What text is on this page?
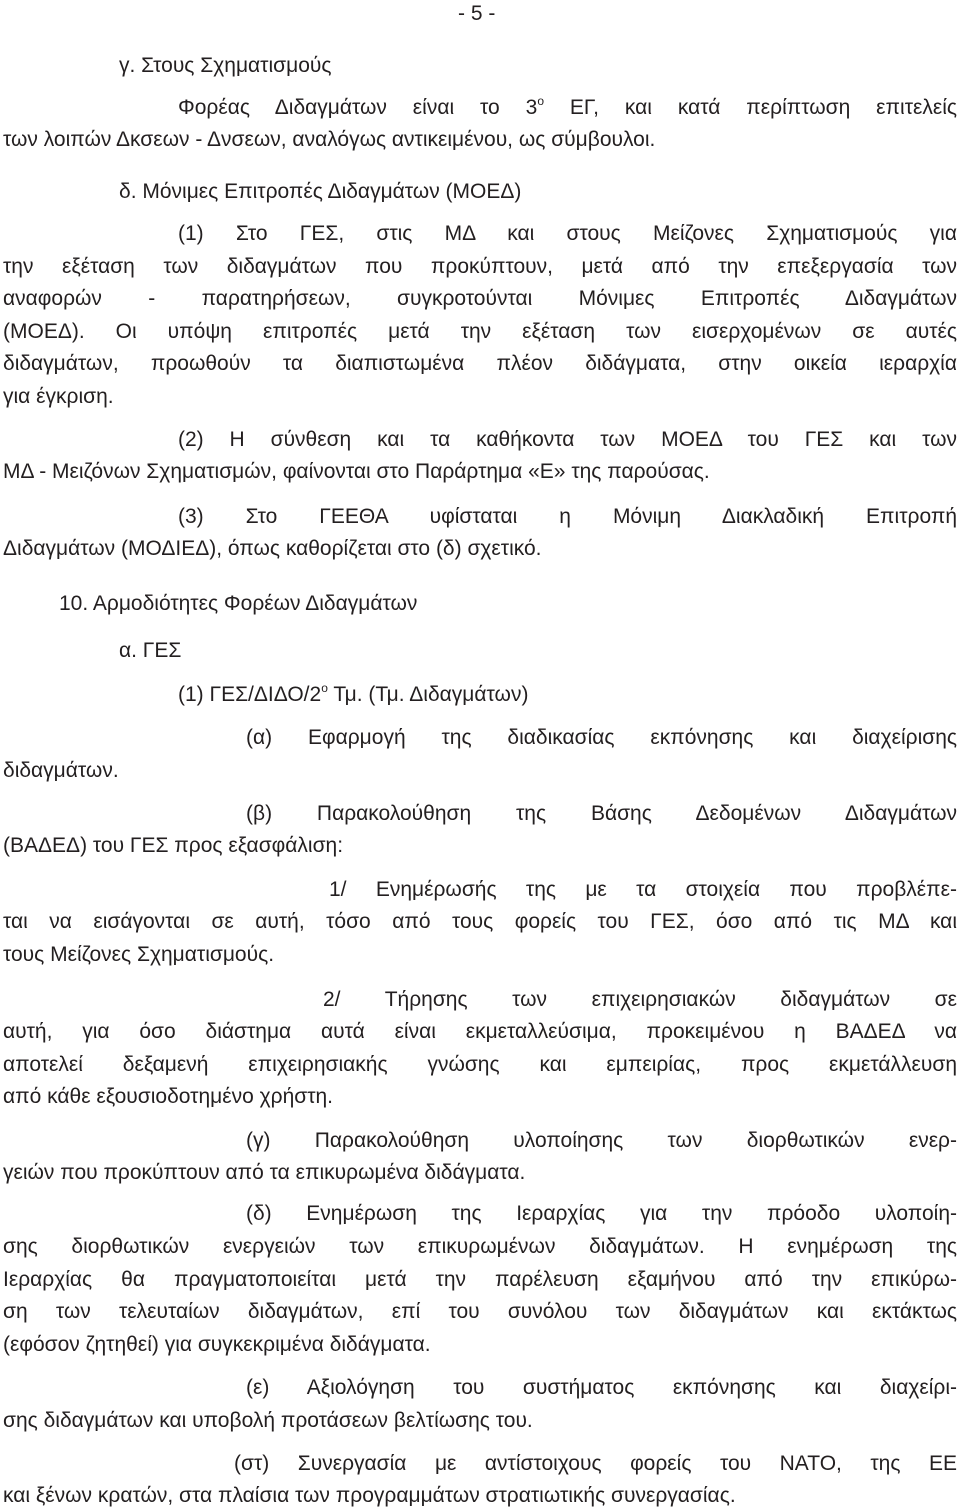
- 5 -
γ. Στους Σχηματισμούς
Φορέας Διδαγμάτων είναι το $3^o$ ΕΓ, και κατά περίπτωση επιτελείς
των λοιπών Δκσεων - Δνσεων, αναλόγως αντικειμένου, ως σύμβουλοι.
δ. Μόνιμες Επιτροπές Διδαγμάτων (ΜΟΕΔ)
(1) Στο ΓΕΣ, στις ΜΔ και στους Μείζονες Σχηματισμούς για
την εξέταση των διδαγμάτων που προκύπτουν, μετά από την επεξεργασία των
αναφορών - παρατηρήσεων, συγκροτούνται Μόνιμες Επιτροπές Διδαγμάτων
(ΜΟΕΔ). Οι υπόψη επιτροπές μετά την εξέταση των εισερχομένων σε αυτές
διδαγμάτων, προωθούν τα διαπιστωμένα πλέον διδάγματα, στην οικεία ιεραρχία
για έγκριση.
(2) Η σύνθεση και τα καθήκοντα των ΜΟΕΔ του ΓΕΣ και των
ΜΔ - Μειζόνων Σχηματισμών, φαίνονται στο Παράρτημα «Ε» της παρούσας.
(3) Στο ΓΕΕΘΑ υφίσταται η Μόνιμη Διακλαδική Επιτροπή
Διδαγμάτων (ΜΟΔΙΕΔ), όπως καθορίζεται στο (δ) σχετικό.
10. Αρμοδιότητες Φορέων Διδαγμάτων
α. ΓΕΣ
(1) ΓΕΣ/$\Delta I\Delta O/2^o$ Τμ. (Τμ. Διδαγμάτων)
(α) Εφαρμογή της διαδικασίας εκπόνησης και διαχείρισης
διδαγμάτων.
(β) Παρακολούθηση της Βάσης Δεδομένων Διδαγμάτων
(ΒΑΔΕΔ) του ΓΕΣ προς εξασφάλιση:
1/ Ενημέρωσής της με τα στοιχεία που προβλέπε-
ται να εισάγονται σε αυτή, τόσο από τους φορείς του ΓΕΣ, όσο από τις ΜΔ και
τους Μείζονες Σχηματισμούς.
2/ Τήρησης των επιχειρησιακών διδαγμάτων σε
αυτή, για όσο διάστημα αυτά είναι εκμεταλλεύσιμα, προκειμένου η ΒΑΔΕΔ να
αποτελεί δεξαμενή επιχειρησιακής γνώσης και εμπειρίας, προς εκμετάλλευση
από κάθε εξουσιοδοτημένο χρήστη.
(γ) Παρακολούθηση υλοποίησης των διορθωτικών ενερ-
γειών που προκύπτουν από τα επικυρωμένα διδάγματα.
(δ) Ενημέρωση της Ιεραρχίας για την πρόοδο υλοποίη-
σης διορθωτικών ενεργειών των επικυρωμένων διδαγμάτων. Η ενημέρωση της
Ιεραρχίας θα πραγματοποιείται μετά την παρέλευση εξαμήνου από την επικύρω-
ση των τελευταίων διδαγμάτων, επί του συνόλου των διδαγμάτων και εκτάκτως
(εφόσον ζητηθεί) για συγκεκριμένα διδάγματα.
(ε) Αξιολόγηση του συστήματος εκπόνησης και διαχείρι-
σης διδαγμάτων και υποβολή προτάσεων βελτίωσης του.
(στ) Συνεργασία με αντίστοιχους φορείς του ΝΑΤΟ, της ΕΕ
και ξένων κρατών, στα πλαίσια των προγραμμάτων στρατιωτικής συνεργασίας.
